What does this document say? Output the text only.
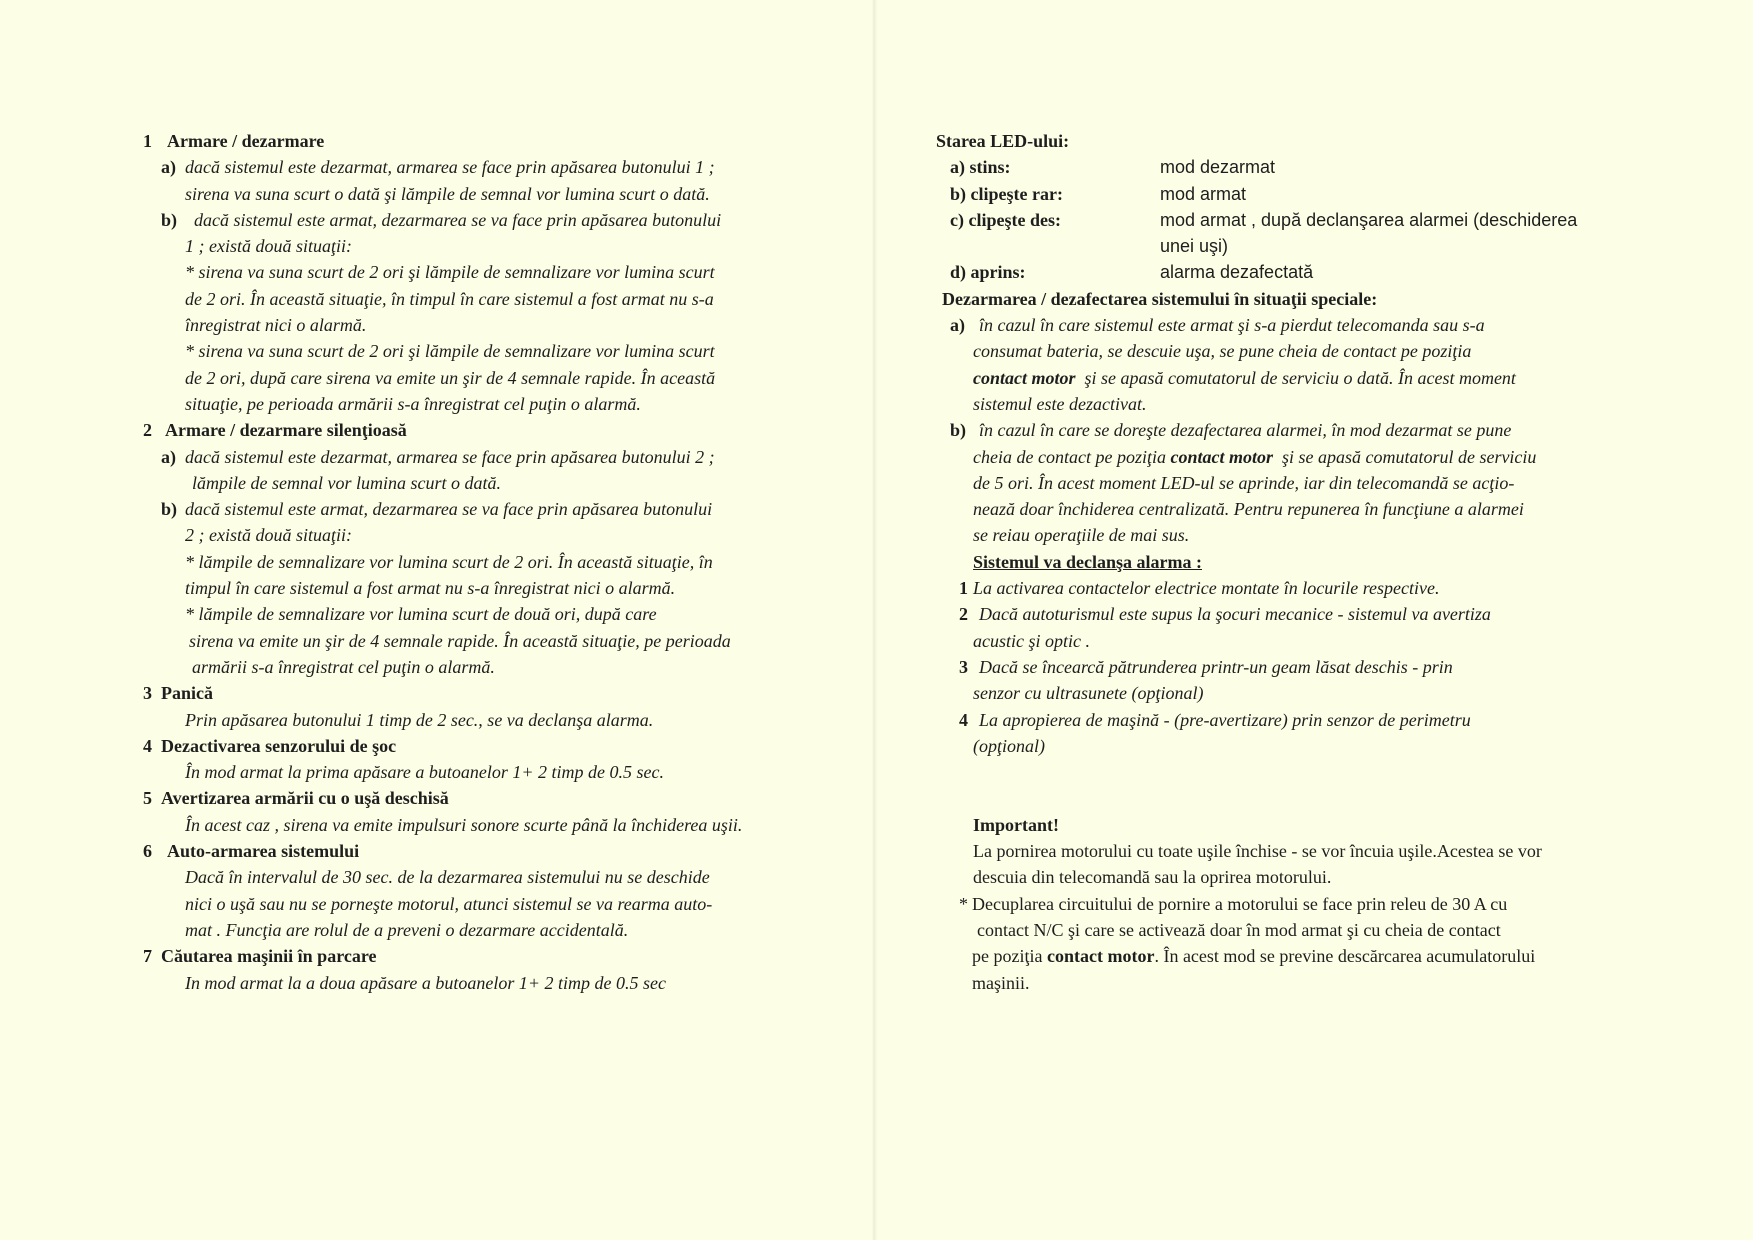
1 Armare / dezarmare
a) dacă sistemul este dezarmat, armarea se face prin apăsarea butonului 1 ;
sirena va suna scurt o dată şi lămpile de semnal vor lumina scurt o dată.
b) dacă sistemul este armat, dezarmarea se va face prin apăsarea butonului
1 ; există două situaţii:
* sirena va suna scurt de 2 ori şi lămpile de semnalizare vor lumina scurt
de 2 ori. În această situaţie, în timpul în care sistemul a fost armat nu s-a
înregistrat nici o alarmă.
* sirena va suna scurt de 2 ori şi lămpile de semnalizare vor lumina scurt
de 2 ori, după care sirena va emite un şir de 4 semnale rapide. În această
situaţie, pe perioada armării s-a înregistrat cel puţin o alarmă.
2 Armare / dezarmare silenţioasă
a) dacă sistemul este dezarmat, armarea se face prin apăsarea butonului 2 ;
lămpile de semnal vor lumina scurt o dată.
b) dacă sistemul este armat, dezarmarea se va face prin apăsarea butonului
2 ; există două situaţii:
* lămpile de semnalizare vor lumina scurt de 2 ori. În această situaţie, în
timpul în care sistemul a fost armat nu s-a înregistrat nici o alarmă.
* lămpile de semnalizare vor lumina scurt de două ori, după care
sirena va emite un şir de 4 semnale rapide. În această situaţie, pe perioada
armării s-a înregistrat cel puţin o alarmă.
3 Panică
Prin apăsarea butonului 1 timp de 2 sec., se va declanşa alarma.
4 Dezactivarea senzorului de şoc
În mod armat la prima apăsare a butoanelor 1+ 2 timp de 0.5 sec.
5 Avertizarea armării cu o uşă deschisă
În acest caz , sirena va emite impulsuri sonore scurte până la închiderea uşii.
6 Auto-armarea sistemului
Dacă în intervalul de 30 sec. de la dezarmarea sistemului nu se deschide
nici o uşă sau nu se porneşte motorul, atunci sistemul se va rearma auto-
mat . Funcţia are rolul de a preveni o dezarmare accidentală.
7 Căutarea maşinii în parcare
In mod armat la a doua apăsare a butoanelor 1+ 2 timp de 0.5 sec
Starea LED-ului:
a) stins:	mod dezarmat
b) clipeşte rar:	mod armat
c) clipeşte des:	mod armat , după declanşarea alarmei (deschiderea
unei uşi)
d) aprins:	alarma dezafectată
Dezarmarea / dezafectarea sistemului în situaţii speciale:
a) în cazul în care sistemul este armat şi s-a pierdut telecomanda sau s-a
consumat bateria, se descuie uşa, se pune cheia de contact pe poziţia
contact motor  şi se apasă comutatorul de serviciu o dată. În acest moment
sistemul este dezactivat.
b) în cazul în care se doreşte dezafectarea alarmei, în mod dezarmat se pune
cheia de contact pe poziţia contact motor  şi se apasă comutatorul de serviciu
de 5 ori. În acest moment LED-ul se aprinde, iar din telecomandă se acţio-
nează doar închiderea centralizată. Pentru repunerea în funcţiune a alarmei
se reiau operaţiile de mai sus.
Sistemul va declanşa alarma :
1 La activarea contactelor electrice montate în locurile respective.
2 Dacă autoturismul este supus la şocuri mecanice - sistemul va avertiza
acustic şi optic .
3 Dacă se încearcă pătrunderea printr-un geam lăsat deschis - prin
senzor cu ultrasunete (opţional)
4 La apropierea de maşină - (pre-avertizare) prin senzor de perimetru
(opţional)
Important!
La pornirea motorului cu toate uşile închise - se vor încuia uşile.Acestea se vor
descuia din telecomandă sau la oprirea motorului.
* Decuplarea circuitului de pornire a motorului se face prin releu de 30 A cu
contact N/C şi care se activează doar în mod armat şi cu cheia de contact
pe poziţia contact motor. În acest mod se previne descărcarea acumulatorului
maşinii.
